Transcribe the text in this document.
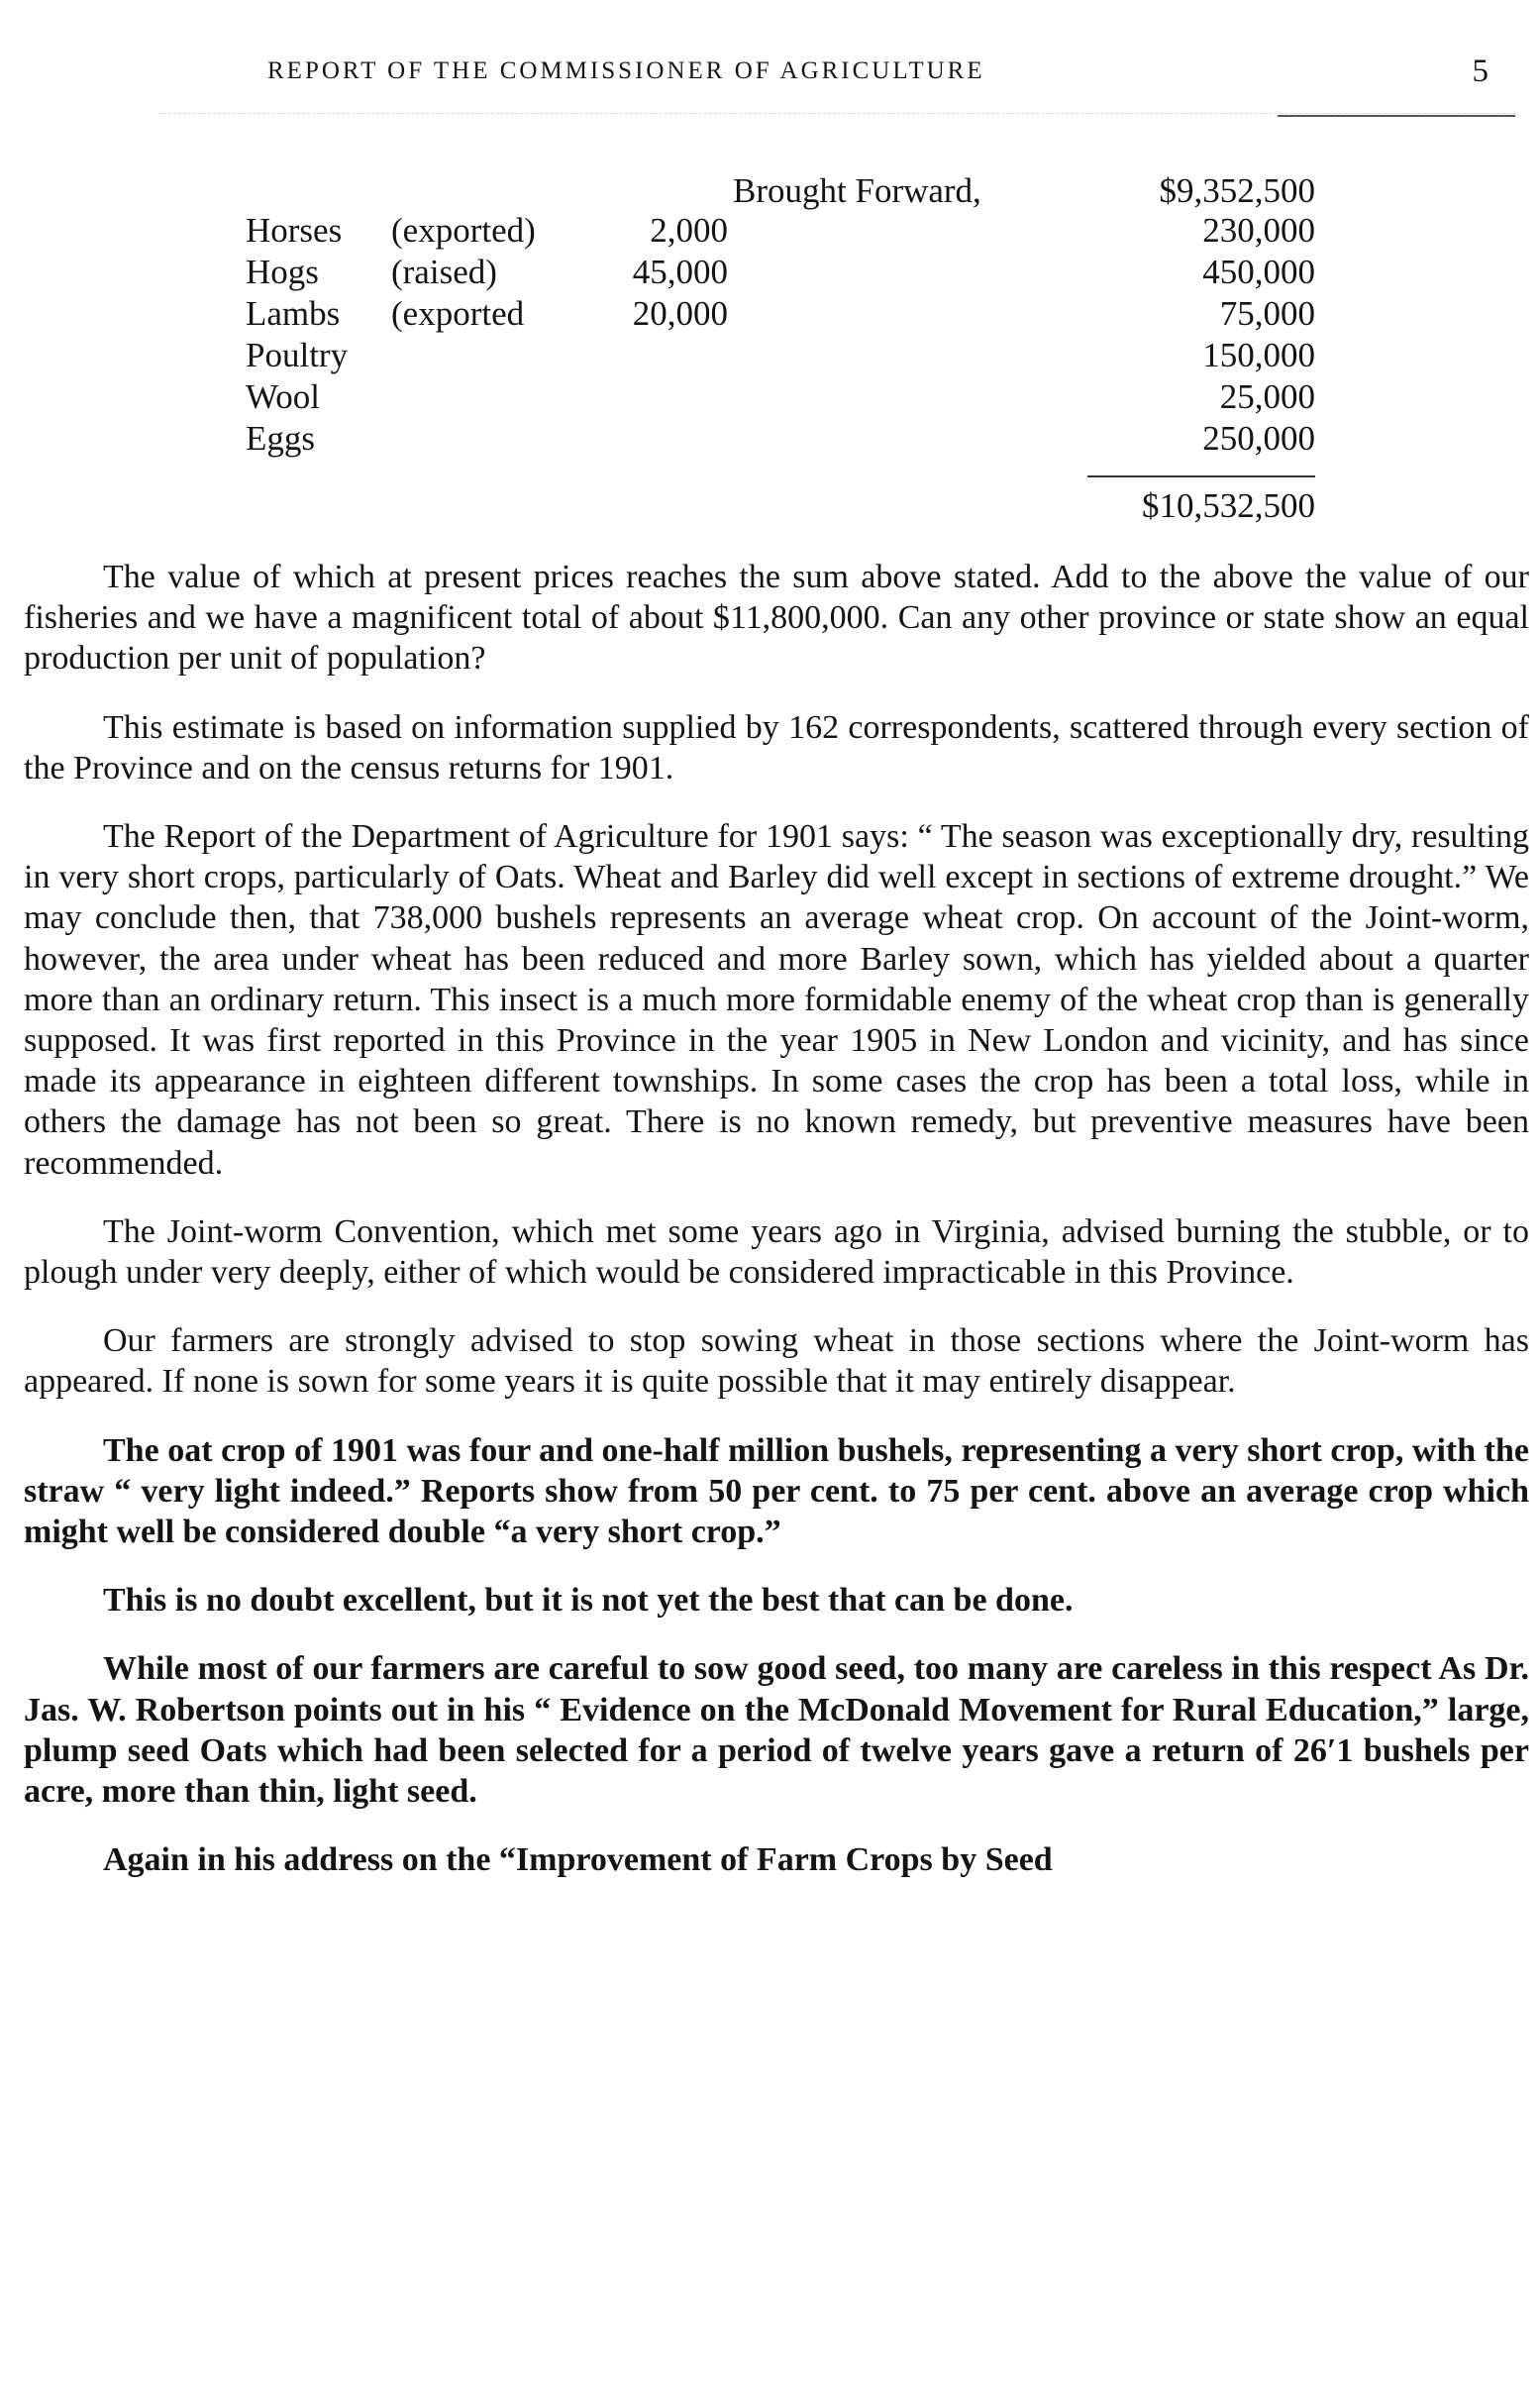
REPORT OF THE COMMISSIONER OF AGRICULTURE	5
Brought Forward,	$9,352,500
Horses (exported)	2,000	230,000
Hogs (raised)	45,000	450,000
Lambs (exported	20,000	75,000
Poultry	150,000
Wool	25,000
Eggs	250,000
$10,532,500

The value of which at present prices reaches the sum above stated. Add to the above the value of our fisheries and we have a magnificent total of about $11,800,000. Can any other province or state show an equal production per unit of population?

This estimate is based on information supplied by 162 correspondents, scattered through every section of the Province and on the census returns for 1901.

The Report of the Department of Agriculture for 1901 says: “ The season was exceptionally dry, resulting in very short crops, particularly of Oats. Wheat and Barley did well except in sections of extreme drought.” We may conclude then, that 738,000 bushels represents an average wheat crop. On account of the Joint-worm, however, the area under wheat has been reduced and more Barley sown, which has yielded about a quarter more than an ordinary return. This insect is a much more formidable enemy of the wheat crop than is generally supposed. It was first reported in this Province in the year 1905 in New London and vicinity, and has since made its appearance in eighteen different townships. In some cases the crop has been a total loss, while in others the damage has not been so great. There is no known remedy, but preventive measures have been recommended.

The Joint-worm Convention, which met some years ago in Virginia, advised burning the stubble, or to plough under very deeply, either of which would be considered impracticable in this Province.

Our farmers are strongly advised to stop sowing wheat in those sections where the Joint-worm has appeared. If none is sown for some years it is quite possible that it may entirely disappear.

The oat crop of 1901 was four and one-half million bushels, representing a very short crop, with the straw “ very light indeed.” Reports show from 50 per cent. to 75 per cent. above an average crop which might well be considered double “a very short crop.”

This is no doubt excellent, but it is not yet the best that can be done.

While most of our farmers are careful to sow good seed, too many are careless in this respect As Dr. Jas. W. Robertson points out in his “ Evidence on the McDonald Movement for Rural Education,” large, plump seed Oats which had been selected for a period of twelve years gave a return of 26′1 bushels per acre, more than thin, light seed.

Again in his address on the “Improvement of Farm Crops by Seed
